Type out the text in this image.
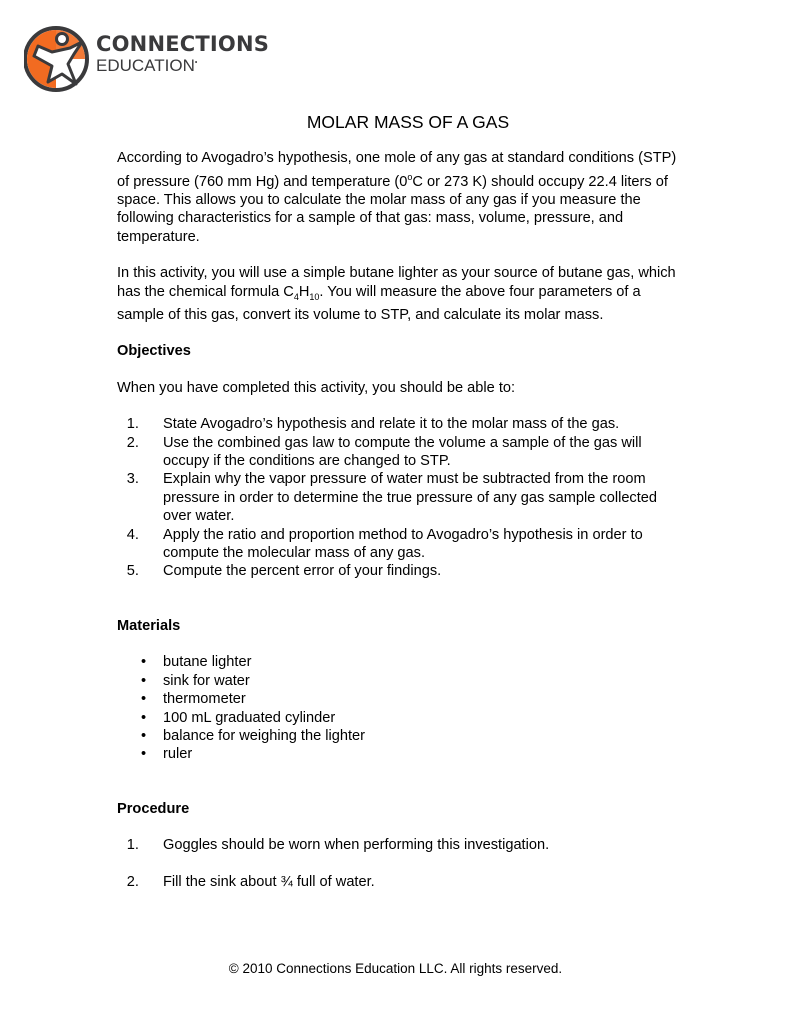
CONNECTIONS
EDUCATION•
MOLAR MASS OF A GAS

According to Avogadro’s hypothesis, one mole of any gas at standard conditions (STP) of pressure (760 mm Hg) and temperature (0$^o$C or 273 K) should occupy 22.4 liters of space. This allows you to calculate the molar mass of any gas if you measure the following characteristics for a sample of that gas: mass, volume, pressure, and temperature.

In this activity, you will use a simple butane lighter as your source of butane gas, which has the chemical formula $C_4H_{10}$. You will measure the above four parameters of a sample of this gas, convert its volume to STP, and calculate its molar mass.

Objectives

When you have completed this activity, you should be able to:

1. State Avogadro’s hypothesis and relate it to the molar mass of the gas.
2. Use the combined gas law to compute the volume a sample of the gas will occupy if the conditions are changed to STP.
3. Explain why the vapor pressure of water must be subtracted from the room pressure in order to determine the true pressure of any gas sample collected over water.
4. Apply the ratio and proportion method to Avogadro’s hypothesis in order to compute the molecular mass of any gas.
5. Compute the percent error of your findings.
Materials
• butane lighter
• sink for water
• thermometer
• 100 mL graduated cylinder
• balance for weighing the lighter
• ruler
Procedure
1. Goggles should be worn when performing this investigation.
2. Fill the sink about ¾ full of water.
© 2010 Connections Education LLC. All rights reserved.
